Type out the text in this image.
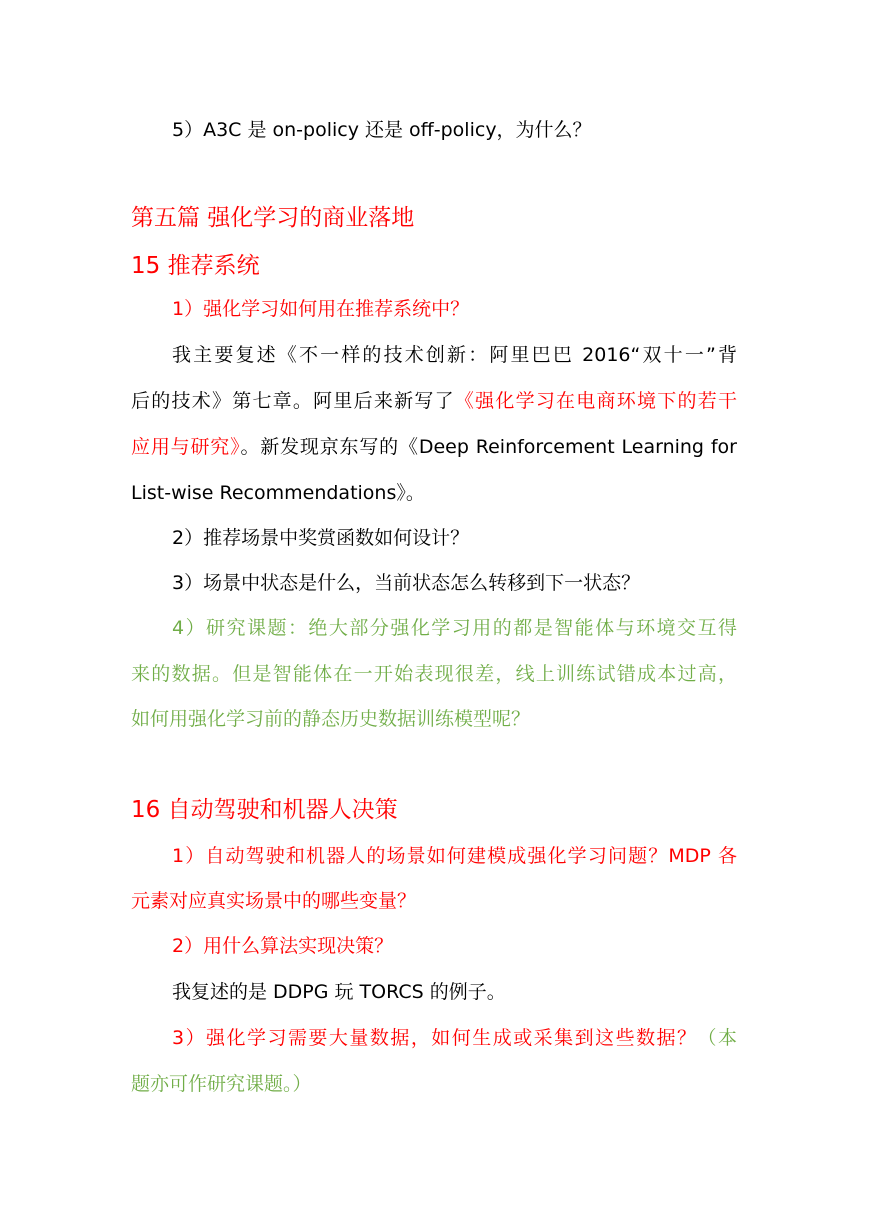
5）A3C 是 on-policy 还是 off-policy，为什么？
第五篇 强化学习的商业落地
15 推荐系统
1）强化学习如何用在推荐系统中？
我主要复述《不一样的技术创新：阿里巴巴 2016“双十一”背
后的技术》第七章。阿里后来新写了《强化学习在电商环境下的若干
应用与研究》。新发现京东写的《Deep Reinforcement Learning for
List-wise Recommendations》。
2）推荐场景中奖赏函数如何设计？
3）场景中状态是什么，当前状态怎么转移到下一状态？
4）研究课题：绝大部分强化学习用的都是智能体与环境交互得
来的数据。但是智能体在一开始表现很差，线上训练试错成本过高，
如何用强化学习前的静态历史数据训练模型呢？
16 自动驾驶和机器人决策
1）自动驾驶和机器人的场景如何建模成强化学习问题？MDP 各
元素对应真实场景中的哪些变量？
2）用什么算法实现决策？
我复述的是 DDPG 玩 TORCS 的例子。
3）强化学习需要大量数据，如何生成或采集到这些数据？（本
题亦可作研究课题。）
